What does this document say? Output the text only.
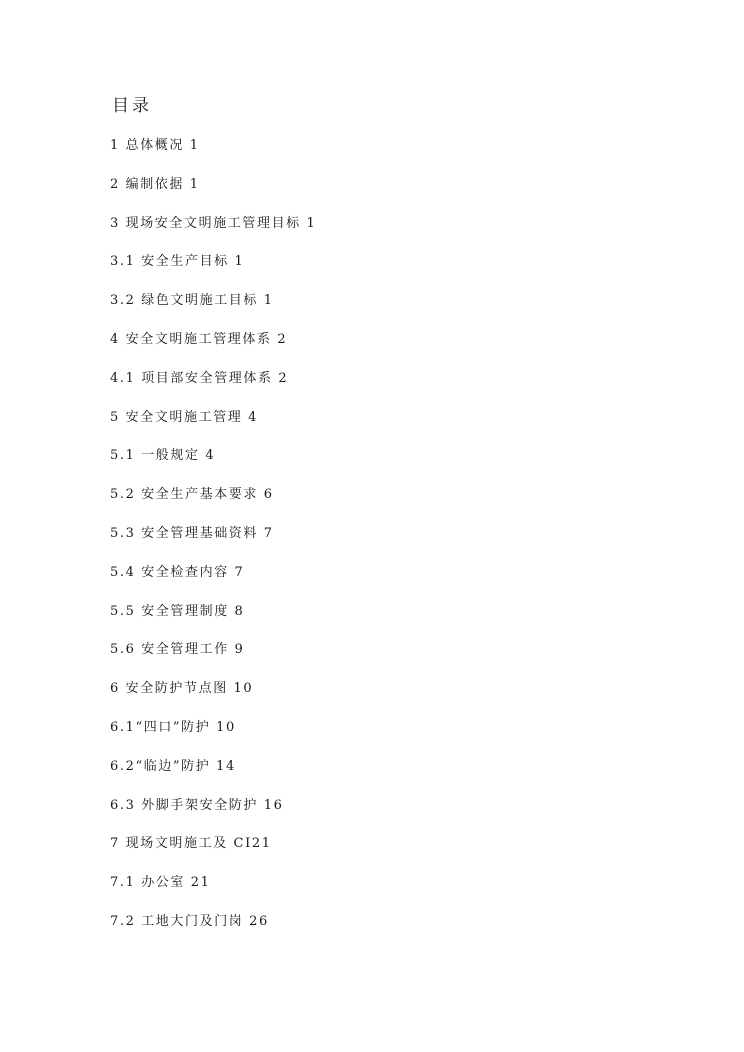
目录
1 总体概况 1
2 编制依据 1
3 现场安全文明施工管理目标 1
3.1 安全生产目标 1
3.2 绿色文明施工目标 1
4 安全文明施工管理体系 2
4.1 项目部安全管理体系 2
5 安全文明施工管理 4
5.1 一般规定 4
5.2 安全生产基本要求 6
5.3 安全管理基础资料 7
5.4 安全检查内容 7
5.5 安全管理制度 8
5.6 安全管理工作 9
6 安全防护节点图 10
6.1“四口”防护 10
6.2“临边”防护 14
6.3 外脚手架安全防护 16
7 现场文明施工及 CI21
7.1 办公室 21
7.2 工地大门及门岗 26
